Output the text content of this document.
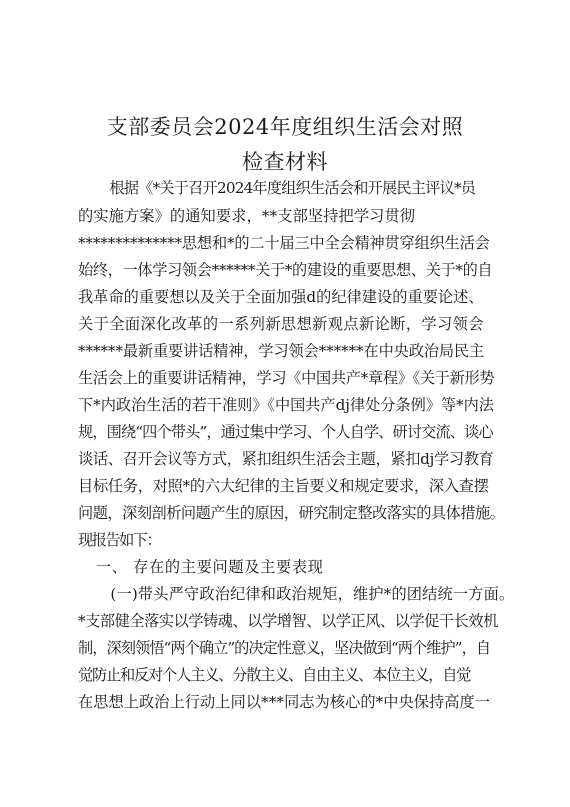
支部委员会2024年度组织生活会对照
检查材料
　根据《*关于召开2024年度组织生活会和开展民主评议*员
的实施方案》的通知要求，**支部坚持把学习贯彻
**************思想和*的二十届三中全会精神贯穿组织生活会
始终，一体学习领会******关于*的建设的重要思想、关于*的自
我革命的重要想以及关于全面加强d的纪律建设的重要论述、
关于全面深化改革的一系列新思想新观点新论断，学习领会
******最新重要讲话精神，学习领会******在中央政治局民主
生活会上的重要讲话精神，学习《中国共产*章程》《关于新形势
下*内政治生活的若干准则》《中国共产dj律处分条例》等*内法
规，围绕“四个带头”，通过集中学习、个人自学、研讨交流、谈心
谈话、召开会议等方式，紧扣组织生活会主题，紧扣dj学习教育
目标任务，对照*的六大纪律的主旨要义和规定要求，深入查摆
问题，深刻剖析问题产生的原因，研究制定整改落实的具体措施。
现报告如下：
　一、 存在的主要问题及主要表现
　(一)带头严守政治纪律和政治规矩，维护*的团结统一方面。
*支部健全落实以学铸魂、以学增智、以学正风、以学促干长效机
制，深刻领悟“两个确立”的决定性意义，坚决做到“两个维护”，自
觉防止和反对个人主义、分散主义、自由主义、本位主义，自觉
在思想上政治上行动上同以***同志为核心的*中央保持高度一
